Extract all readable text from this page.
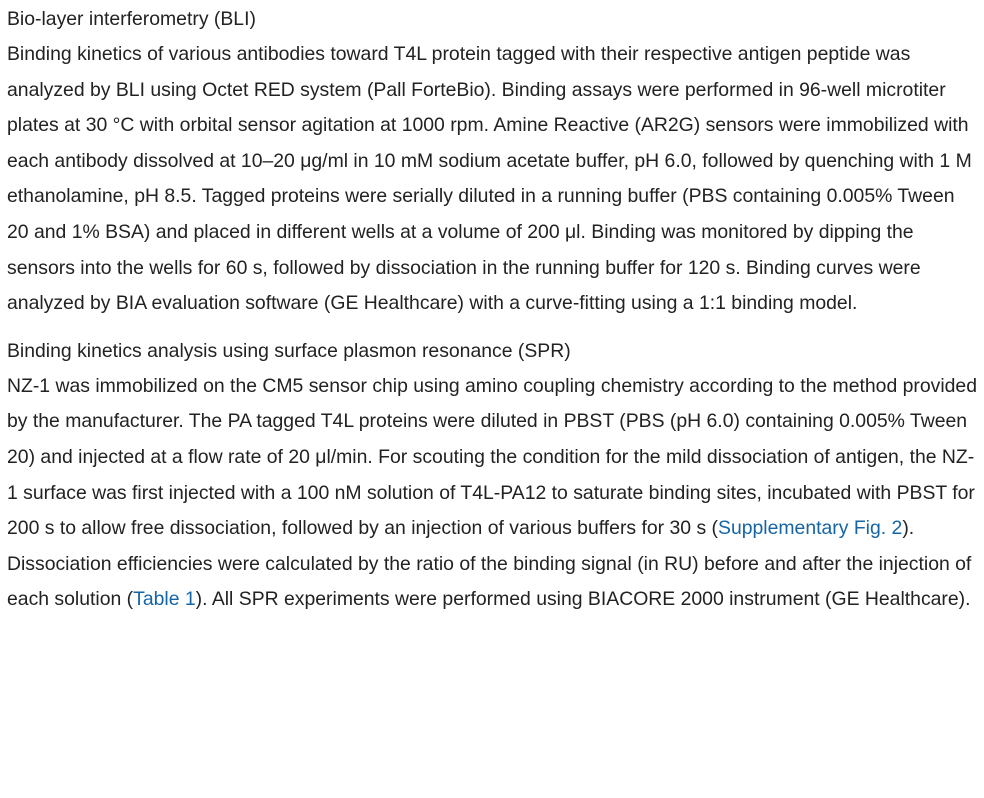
Bio-layer interferometry (BLI)

Binding kinetics of various antibodies toward T4L protein tagged with their respective antigen peptide was analyzed by BLI using Octet RED system (Pall ForteBio). Binding assays were performed in 96-well microtiter plates at 30 °C with orbital sensor agitation at 1000 rpm. Amine Reactive (AR2G) sensors were immobilized with each antibody dissolved at 10–20 μg/ml in 10 mM sodium acetate buffer, pH 6.0, followed by quenching with 1 M ethanolamine, pH 8.5. Tagged proteins were serially diluted in a running buffer (PBS containing 0.005% Tween 20 and 1% BSA) and placed in different wells at a volume of 200 μl. Binding was monitored by dipping the sensors into the wells for 60 s, followed by dissociation in the running buffer for 120 s. Binding curves were analyzed by BIA evaluation software (GE Healthcare) with a curve-fitting using a 1:1 binding model.

Binding kinetics analysis using surface plasmon resonance (SPR)

NZ-1 was immobilized on the CM5 sensor chip using amino coupling chemistry according to the method provided by the manufacturer. The PA tagged T4L proteins were diluted in PBST (PBS (pH 6.0) containing 0.005% Tween 20) and injected at a flow rate of 20 μl/min. For scouting the condition for the mild dissociation of antigen, the NZ-1 surface was first injected with a 100 nM solution of T4L-PA12 to saturate binding sites, incubated with PBST for 200 s to allow free dissociation, followed by an injection of various buffers for 30 s (Supplementary Fig. 2). Dissociation efficiencies were calculated by the ratio of the binding signal (in RU) before and after the injection of each solution (Table 1). All SPR experiments were performed using BIACORE 2000 instrument (GE Healthcare).
